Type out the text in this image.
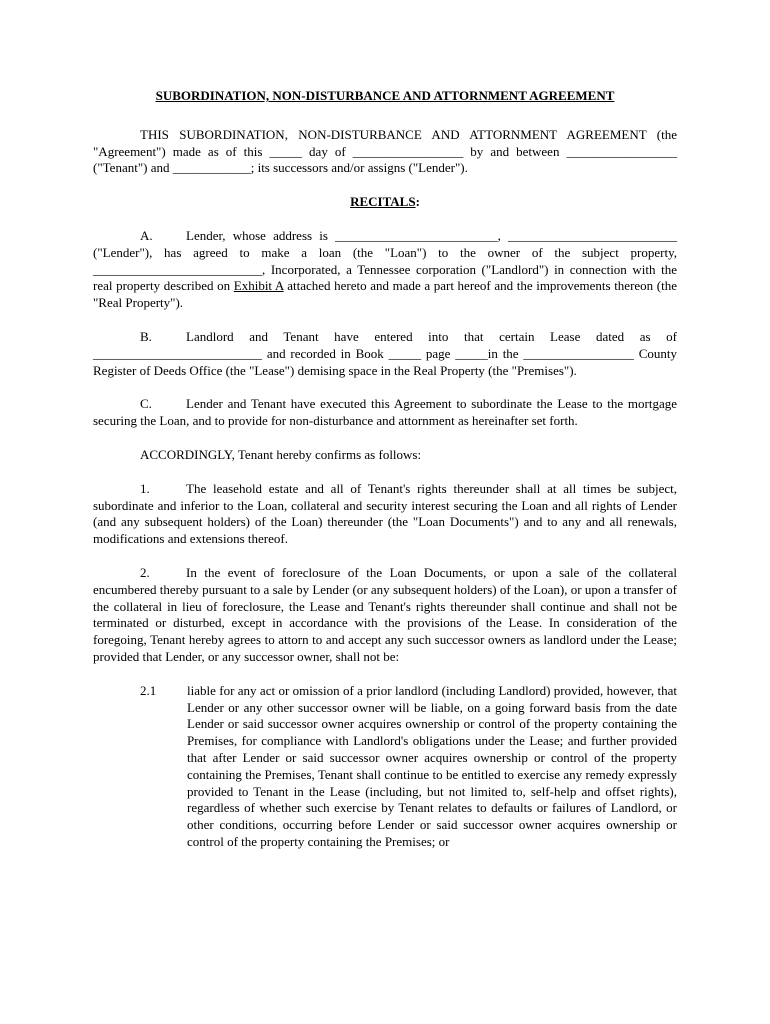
SUBORDINATION, NON-DISTURBANCE AND ATTORNMENT AGREEMENT

THIS SUBORDINATION, NON-DISTURBANCE AND ATTORNMENT AGREEMENT (the "Agreement") made as of this _____ day of _________________ by and between _________________ ("Tenant") and ____________; its successors and/or assigns ("Lender").

RECITALS:

A.	Lender, whose address is _________________________, __________________________ ("Lender"), has agreed to make a loan (the "Loan") to the owner of the subject property, __________________________, Incorporated, a Tennessee corporation ("Landlord") in connection with the real property described on Exhibit A attached hereto and made a part hereof and the improvements thereon (the "Real Property").

B.	Landlord and Tenant have entered into that certain Lease dated as of __________________________ and recorded in Book _____ page _____in the _________________ County Register of Deeds Office (the "Lease") demising space in the Real Property (the "Premises").

C.	Lender and Tenant have executed this Agreement to subordinate the Lease to the mortgage securing the Loan, and to provide for non-disturbance and attornment as hereinafter set forth.

ACCORDINGLY, Tenant hereby confirms as follows:

1.	The leasehold estate and all of Tenant's rights thereunder shall at all times be subject, subordinate and inferior to the Loan, collateral and security interest securing the Loan and all rights of Lender (and any subsequent holders) of the Loan) thereunder (the "Loan Documents") and to any and all renewals, modifications and extensions thereof.

2.	In the event of foreclosure of the Loan Documents, or upon a sale of the collateral encumbered thereby pursuant to a sale by Lender (or any subsequent holders) of the Loan), or upon a transfer of the collateral in lieu of foreclosure, the Lease and Tenant's rights thereunder shall continue and shall not be terminated or disturbed, except in accordance with the provisions of the Lease. In consideration of the foregoing, Tenant hereby agrees to attorn to and accept any such successor owners as landlord under the Lease; provided that Lender, or any successor owner, shall not be:

2.1	liable for any act or omission of a prior landlord (including Landlord) provided, however, that Lender or any other successor owner will be liable, on a going forward basis from the date Lender or said successor owner acquires ownership or control of the property containing the Premises, for compliance with Landlord's obligations under the Lease; and further provided that after Lender or said successor owner acquires ownership or control of the property containing the Premises, Tenant shall continue to be entitled to exercise any remedy expressly provided to Tenant in the Lease (including, but not limited to, self-help and offset rights), regardless of whether such exercise by Tenant relates to defaults or failures of Landlord, or other conditions, occurring before Lender or said successor owner acquires ownership or control of the property containing the Premises; or
